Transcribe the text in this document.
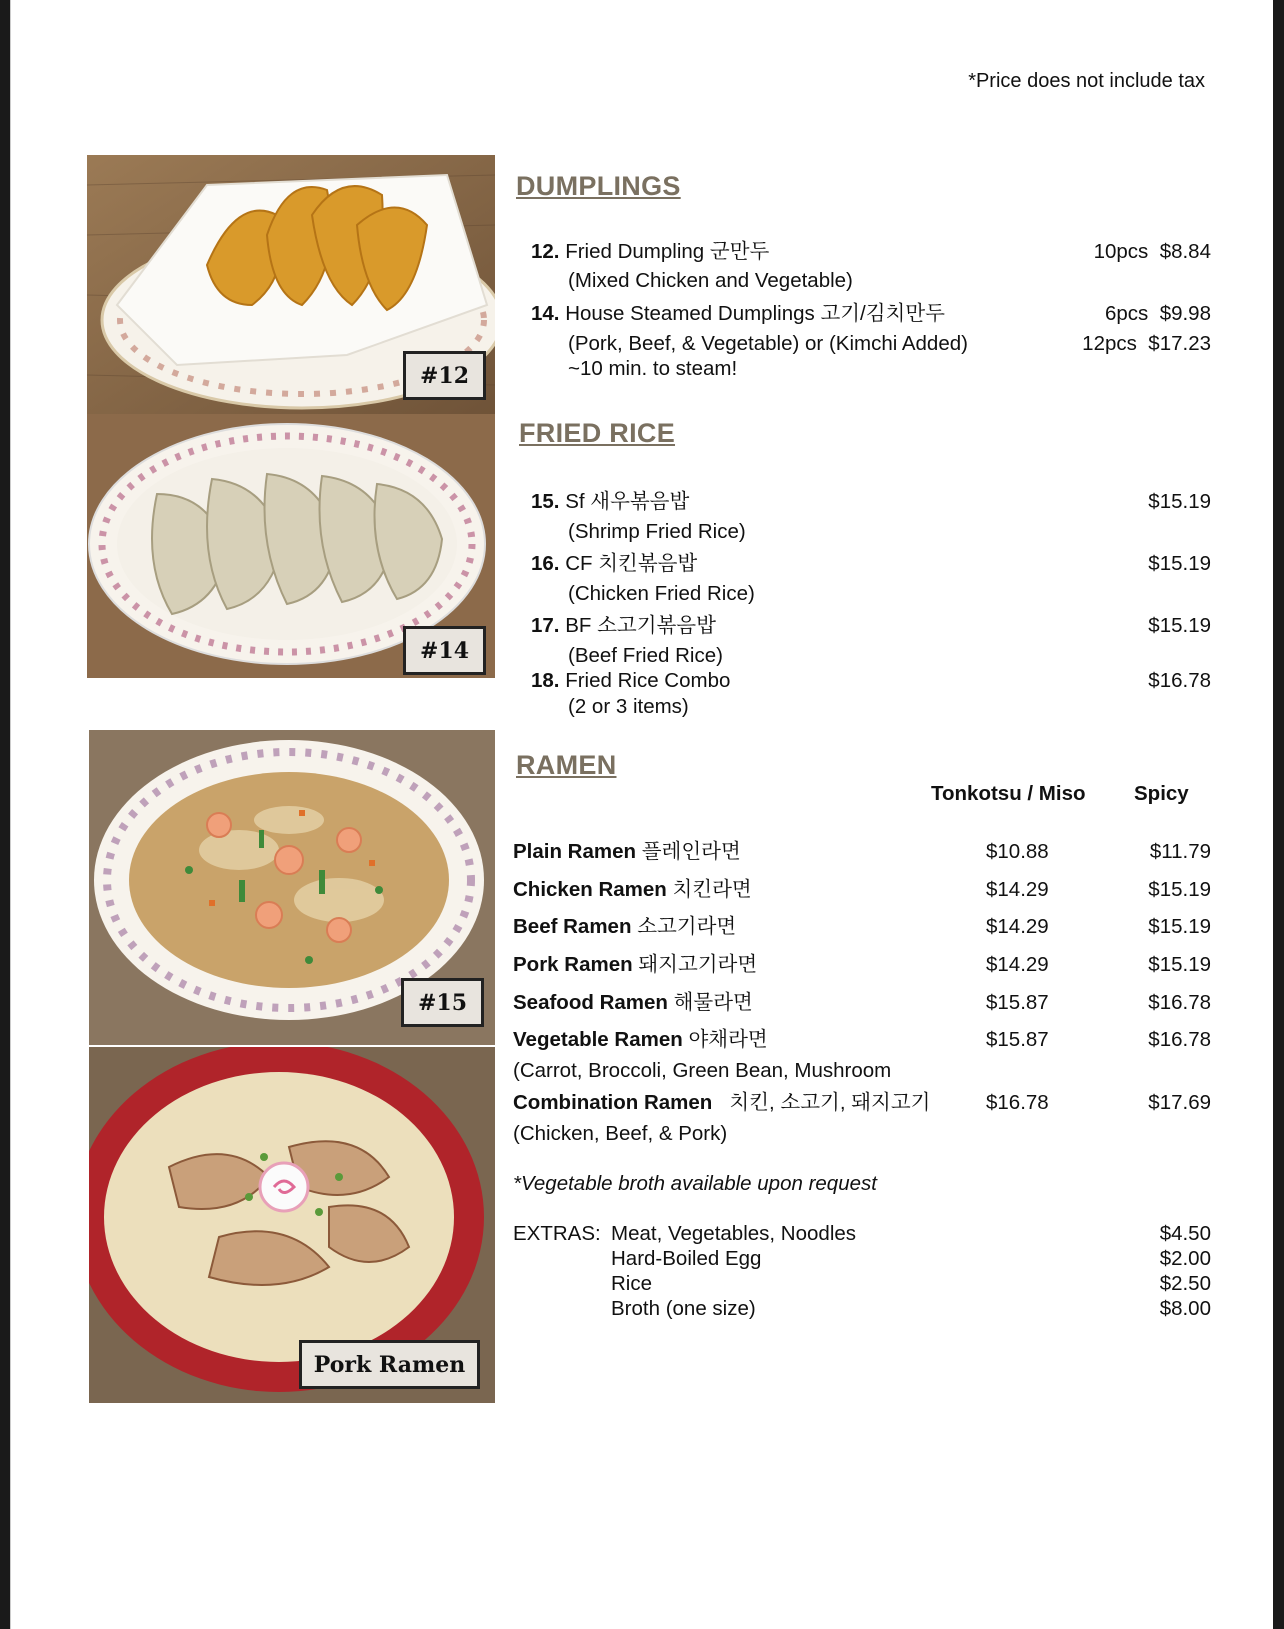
*Price does not include tax
#12
#14
#15
Pork Ramen
DUMPLINGS
12. Fried Dumpling 군만두
(Mixed Chicken and Vegetable)
10pcs $8.84
14. House Steamed Dumplings 고기/김치만두
(Pork, Beef, & Vegetable) or (Kimchi Added)
~10 min. to steam!
6pcs $9.98
12pcs $17.23
FRIED RICE
15. Sf 새우볶음밥
(Shrimp Fried Rice)
$15.19
16. CF 치킨볶음밥
(Chicken Fried Rice)
$15.19
17. BF 소고기볶음밥
(Beef Fried Rice)
$15.19
18. Fried Rice Combo
(2 or 3 items)
$16.78
RAMEN
Tonkotsu / Miso Spicy
Plain Ramen 플레인라면	$10.88	$11.79
Chicken Ramen 치킨라면	$14.29	$15.19
Beef Ramen 소고기라면	$14.29	$15.19
Pork Ramen 돼지고기라면	$14.29	$15.19
Seafood Ramen 해물라면	$15.87	$16.78
Vegetable Ramen 야채라면	$15.87	$16.78
(Carrot, Broccoli, Green Bean, Mushroom
Combination Ramen 치킨, 소고기, 돼지고기	$16.78	$17.69
(Chicken, Beef, & Pork)
*Vegetable broth available upon request
EXTRAS: Meat, Vegetables, Noodles	$4.50
Hard-Boiled Egg	$2.00
Rice	$2.50
Broth (one size)	$8.00
